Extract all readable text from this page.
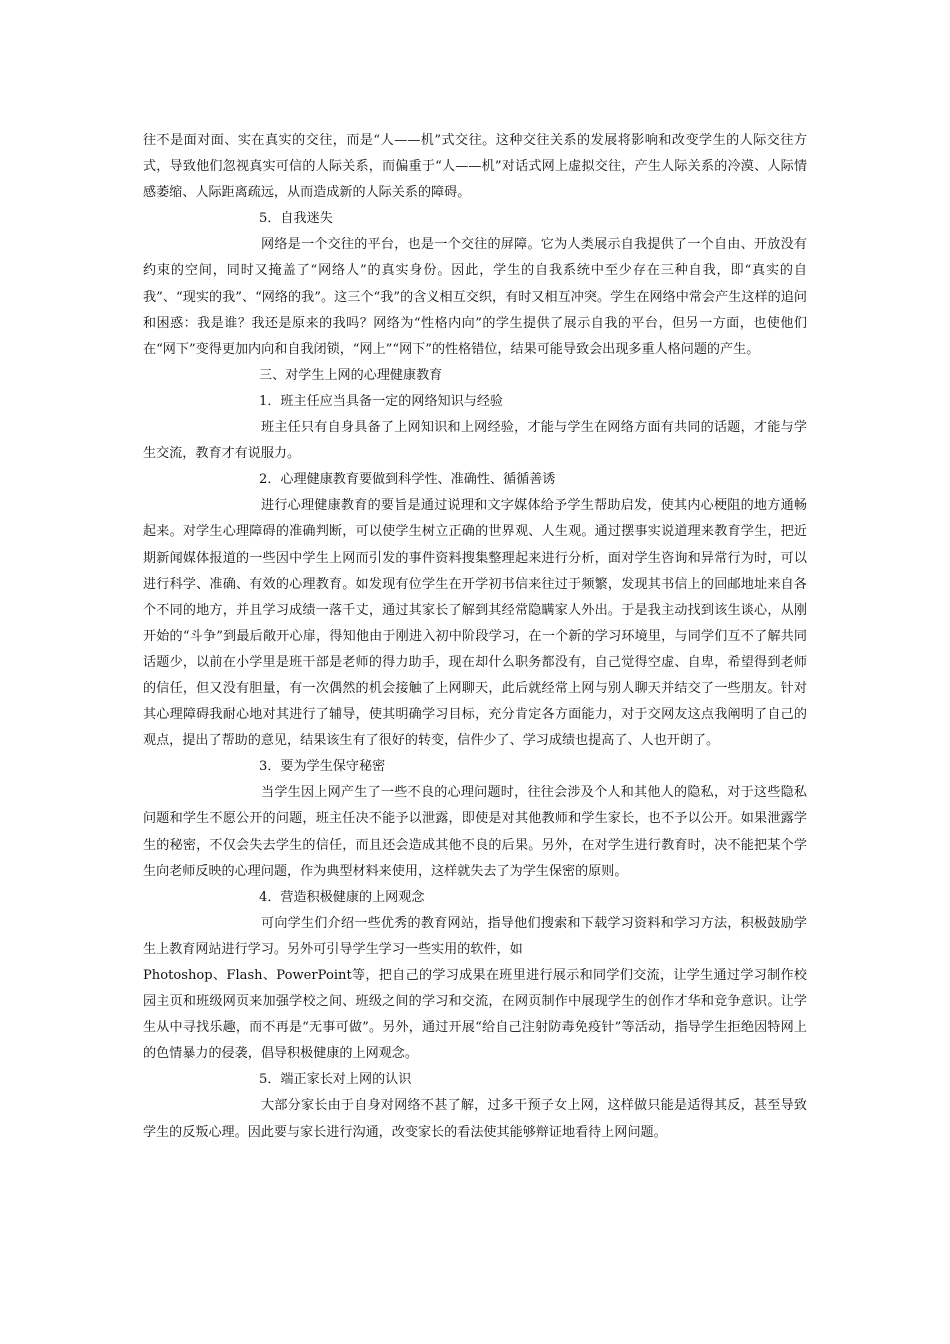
往不是面对面、实在真实的交往，而是“人——机”式交往。这种交往关系的发展将影响和改变学生的人际交往方式，导致他们忽视真实可信的人际关系，而偏重于“人——机”对话式网上虚拟交往，产生人际关系的冷漠、人际情感萎缩、人际距离疏远，从而造成新的人际关系的障碍。

5．自我迷失

网络是一个交往的平台，也是一个交往的屏障。它为人类展示自我提供了一个自由、开放没有约束的空间，同时又掩盖了“网络人”的真实身份。因此，学生的自我系统中至少存在三种自我，即“真实的自我”、“现实的我”、“网络的我”。这三个“我”的含义相互交织，有时又相互冲突。学生在网络中常会产生这样的追问和困惑：我是谁？我还是原来的我吗？网络为“性格内向”的学生提供了展示自我的平台，但另一方面，也使他们在“网下”变得更加内向和自我闭锁，“网上”“网下”的性格错位，结果可能导致会出现多重人格问题的产生。

三、对学生上网的心理健康教育

1．班主任应当具备一定的网络知识与经验

班主任只有自身具备了上网知识和上网经验，才能与学生在网络方面有共同的话题，才能与学生交流，教育才有说服力。

2．心理健康教育要做到科学性、准确性、循循善诱

进行心理健康教育的要旨是通过说理和文字媒体给予学生帮助启发，使其内心梗阻的地方通畅起来。对学生心理障碍的准确判断，可以使学生树立正确的世界观、人生观。通过摆事实说道理来教育学生，把近期新闻媒体报道的一些因中学生上网而引发的事件资料搜集整理起来进行分析，面对学生咨询和异常行为时，可以进行科学、准确、有效的心理教育。如发现有位学生在开学初书信来往过于频繁，发现其书信上的回邮地址来自各个不同的地方，并且学习成绩一落千丈，通过其家长了解到其经常隐瞒家人外出。于是我主动找到该生谈心，从刚开始的“斗争”到最后敞开心扉，得知他由于刚进入初中阶段学习，在一个新的学习环境里，与同学们互不了解共同话题少，以前在小学里是班干部是老师的得力助手，现在却什么职务都没有，自己觉得空虚、自卑，希望得到老师的信任，但又没有胆量，有一次偶然的机会接触了上网聊天，此后就经常上网与别人聊天并结交了一些朋友。针对其心理障碍我耐心地对其进行了辅导，使其明确学习目标，充分肯定各方面能力，对于交网友这点我阐明了自己的观点，提出了帮助的意见，结果该生有了很好的转变，信件少了、学习成绩也提高了、人也开朗了。

3．要为学生保守秘密

当学生因上网产生了一些不良的心理问题时，往往会涉及个人和其他人的隐私，对于这些隐私问题和学生不愿公开的问题，班主任决不能予以泄露，即使是对其他教师和学生家长，也不予以公开。如果泄露学生的秘密，不仅会失去学生的信任，而且还会造成其他不良的后果。另外，在对学生进行教育时，决不能把某个学生向老师反映的心理问题，作为典型材料来使用，这样就失去了为学生保密的原则。

4．营造积极健康的上网观念

可向学生们介绍一些优秀的教育网站，指导他们搜索和下载学习资料和学习方法，积极鼓励学生上教育网站进行学习。另外可引导学生学习一些实用的软件，如

Photoshop、Flash、PowerPoint等，把自己的学习成果在班里进行展示和同学们交流，让学生通过学习制作校园主页和班级网页来加强学校之间、班级之间的学习和交流，在网页制作中展现学生的创作才华和竞争意识。让学生从中寻找乐趣，而不再是“无事可做”。另外，通过开展“给自己注射防毒免疫针”等活动，指导学生拒绝因特网上的色情暴力的侵袭，倡导积极健康的上网观念。

5．端正家长对上网的认识

大部分家长由于自身对网络不甚了解，过多干预子女上网，这样做只能是适得其反，甚至导致学生的反叛心理。因此要与家长进行沟通，改变家长的看法使其能够辩证地看待上网问题。
